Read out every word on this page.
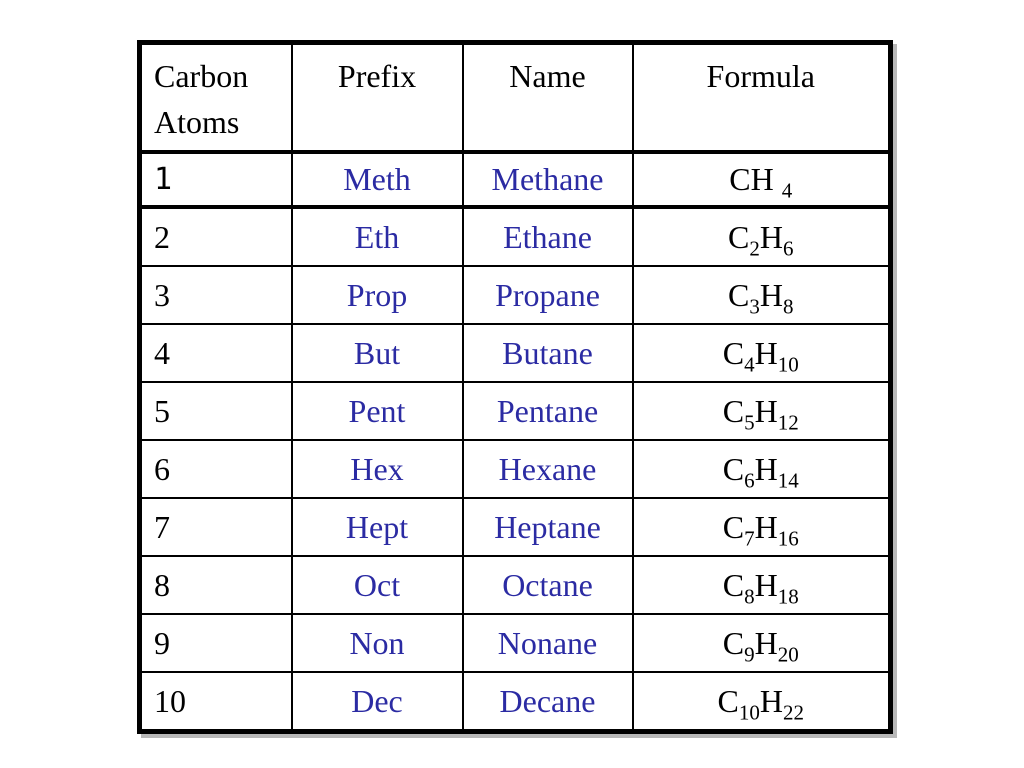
Carbon Atoms	Prefix	Name	Formula
1	Meth	Methane	CH $_4$
2	Eth	Ethane	$C_2H_6$
3	Prop	Propane	$C_3H_8$
4	But	Butane	$C_4H_{10}$
5	Pent	Pentane	$C_5H_{12}$
6	Hex	Hexane	$C_6H_{14}$
7	Hept	Heptane	$C_7H_{16}$
8	Oct	Octane	$C_8H_{18}$
9	Non	Nonane	$C_9H_{20}$
10	Dec	Decane	$C_{10}H_{22}$
